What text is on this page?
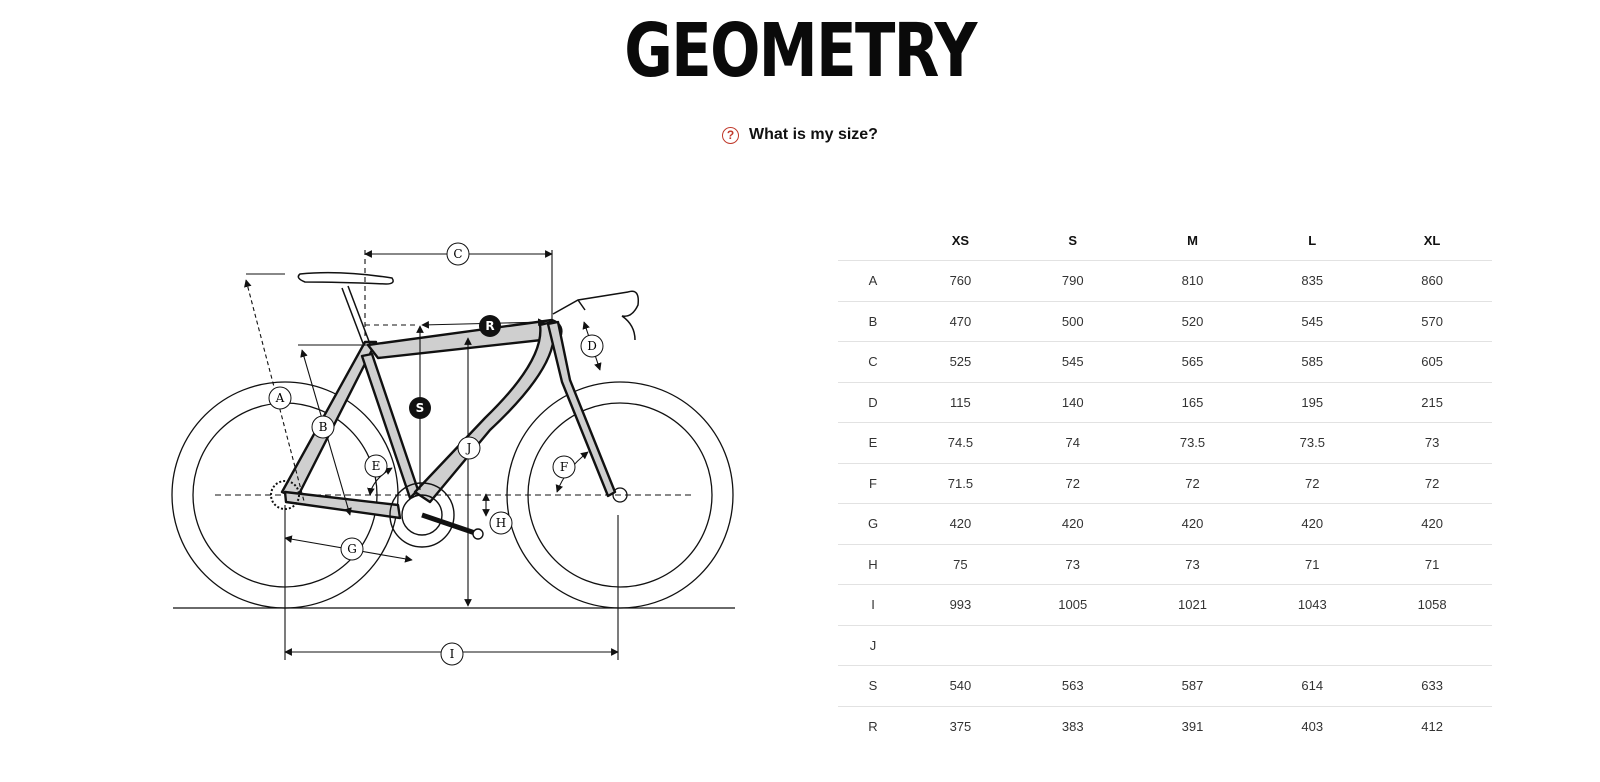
GEOMETRY
? What is my size?
C
A
B
E
D
F
J
H
G
I
R
S
	XS	S	M	L	XL
A	760	790	810	835	860
B	470	500	520	545	570
C	525	545	565	585	605
D	115	140	165	195	215
E	74.5	74	73.5	73.5	73
F	71.5	72	72	72	72
G	420	420	420	420	420
H	75	73	73	71	71
I	993	1005	1021	1043	1058
J					
S	540	563	587	614	633
R	375	383	391	403	412
